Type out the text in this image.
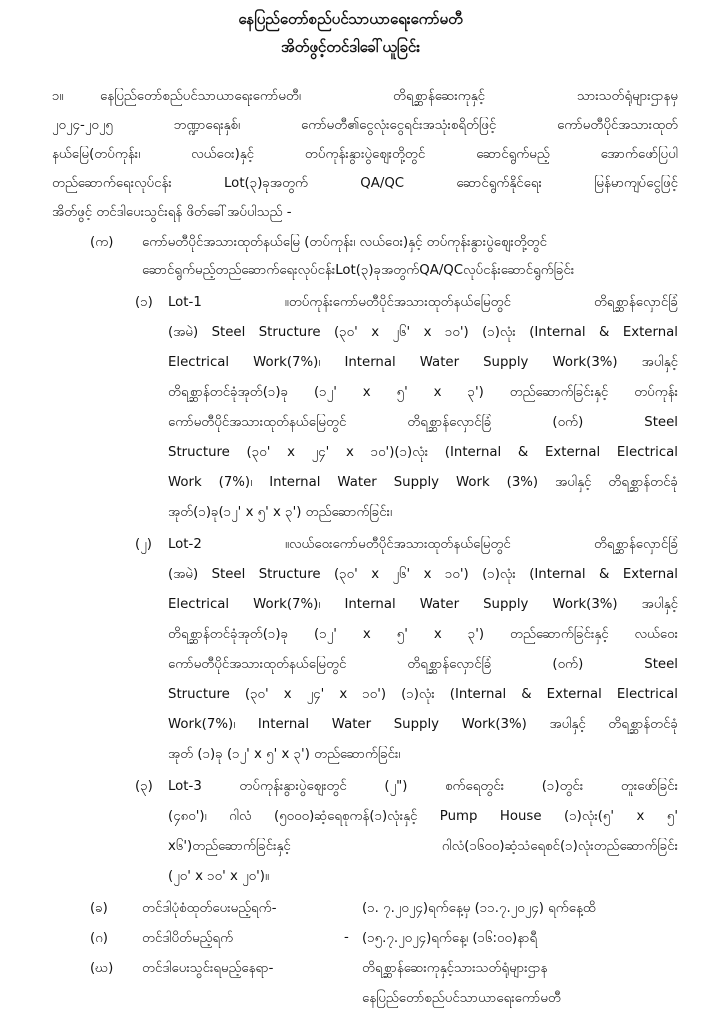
နေပြည်တော်စည်ပင်သာယာရေးကော်မတီ
အိတ်ဖွင့်တင်ဒါခေါ်ယူခြင်း
၁။	နေပြည်တော်စည်ပင်သာယာရေးကော်မတီ၊ တိရစ္ဆာန်ဆေးကုနှင့် သားသတ်ရုံများဌာနမှ
၂၀၂၄-၂၀၂၅ ဘဏ္ဍာရေးနှစ်၊ ကော်မတီ၏ငွေလုံးငွေရင်းအသုံးစရိတ်ဖြင့် ကော်မတီပိုင်အသားထုတ်
နယ်မြေ(တပ်ကုန်း၊ လယ်ဝေး)နှင့် တပ်ကုန်းနွားပွဲဈေးတို့တွင် ဆောင်ရွက်မည့် အောက်ဖော်ပြပါ
တည်ဆောက်ရေးလုပ်ငန်း Lot(၃)ခုအတွက် QA/QC ဆောင်ရွက်နိုင်ရေး မြန်မာကျပ်ငွေဖြင့်
အိတ်ဖွင့် တင်ဒါပေးသွင်းရန် ဖိတ်ခေါ်အပ်ပါသည် -
(က) ကော်မတီပိုင်အသားထုတ်နယ်မြေ (တပ်ကုန်း၊ လယ်ဝေး)နှင့် တပ်ကုန်းနွားပွဲဈေးတို့တွင်
ဆောင်ရွက်မည့်တည်ဆောက်ရေးလုပ်ငန်းLot(၃)ခုအတွက်QA/QCလုပ်ငန်းဆောင်ရွက်ခြင်း
(၁) Lot-1 ။တပ်ကုန်းကော်မတီပိုင်အသားထုတ်နယ်မြေတွင် တိရစ္ဆာန်လှောင်ခြံ
(အမဲ) Steel Structure (၃၀' x ၂၆' x ၁၀') (၁)လုံး (Internal & External
Electrical Work(7%)၊ Internal Water Supply Work(3%) အပါနှင့်
တိရစ္ဆာန်တင်ခုံအုတ်(၁)ခု (၁၂' x ၅' x ၃') တည်ဆောက်ခြင်းနှင့် တပ်ကုန်း
ကော်မတီပိုင်အသားထုတ်နယ်မြေတွင် တိရစ္ဆာန်လှောင်ခြံ (ဝက်) Steel
Structure (၃၀' x ၂၄' x ၁၀')(၁)လုံး (Internal & External Electrical
Work (7%)၊ Internal Water Supply Work (3%) အပါနှင့် တိရစ္ဆာန်တင်ခုံ
အုတ်(၁)ခု(၁၂' x ၅' x ၃') တည်ဆောက်ခြင်း၊
(၂) Lot-2 ။လယ်ဝေးကော်မတီပိုင်အသားထုတ်နယ်မြေတွင် တိရစ္ဆာန်လှောင်ခြံ
(အမဲ) Steel Structure (၃၀' x ၂၆' x ၁၀') (၁)လုံး (Internal & External
Electrical Work(7%)၊ Internal Water Supply Work(3%) အပါနှင့်
တိရစ္ဆာန်တင်ခုံအုတ်(၁)ခု (၁၂' x ၅' x ၃') တည်ဆောက်ခြင်းနှင့် လယ်ဝေး
ကော်မတီပိုင်အသားထုတ်နယ်မြေတွင် တိရစ္ဆာန်လှောင်ခြံ (ဝက်) Steel
Structure (၃၀' x ၂၄' x ၁၀') (၁)လုံး (Internal & External Electrical
Work(7%)၊ Internal Water Supply Work(3%) အပါနှင့် တိရစ္ဆာန်တင်ခုံ
အုတ် (၁)ခု (၁၂' x ၅' x ၃') တည်ဆောက်ခြင်း၊
(၃) Lot-3 တပ်ကုန်းနွားပွဲဈေးတွင် (၂") စက်ရေတွင်း (၁)တွင်း တူးဖော်ခြင်း
(၄၈၀')၊ ဂါလံ (၅၀၀၀)ဆံ့ရေစုကန်(၁)လုံးနှင့် Pump House (၁)လုံး(၅' x ၅'
x၆')တည်ဆောက်ခြင်းနှင့် ဂါလံ(၁၆၀၀)ဆံ့သံရေစင်(၁)လုံးတည်ဆောက်ခြင်း
(၂၀' x ၁၀' x ၂၀')။
(ခ)	တင်ဒါပုံစံထုတ်ပေးမည့်ရက်-	(၁. ၇.၂၀၂၄)ရက်နေ့မှ (၁၁.၇.၂၀၂၄) ရက်နေ့ထိ
(ဂ)	တင်ဒါပိတ်မည့်ရက်	- (၁၅.၇.၂၀၂၄)ရက်နေ့၊ (၁၆:၀၀)နာရီ
(ဃ) တင်ဒါပေးသွင်းရမည့်နေရာ-	တိရစ္ဆာန်ဆေးကုနှင့်သားသတ်ရုံများဌာန
နေပြည်တော်စည်ပင်သာယာရေးကော်မတီ
